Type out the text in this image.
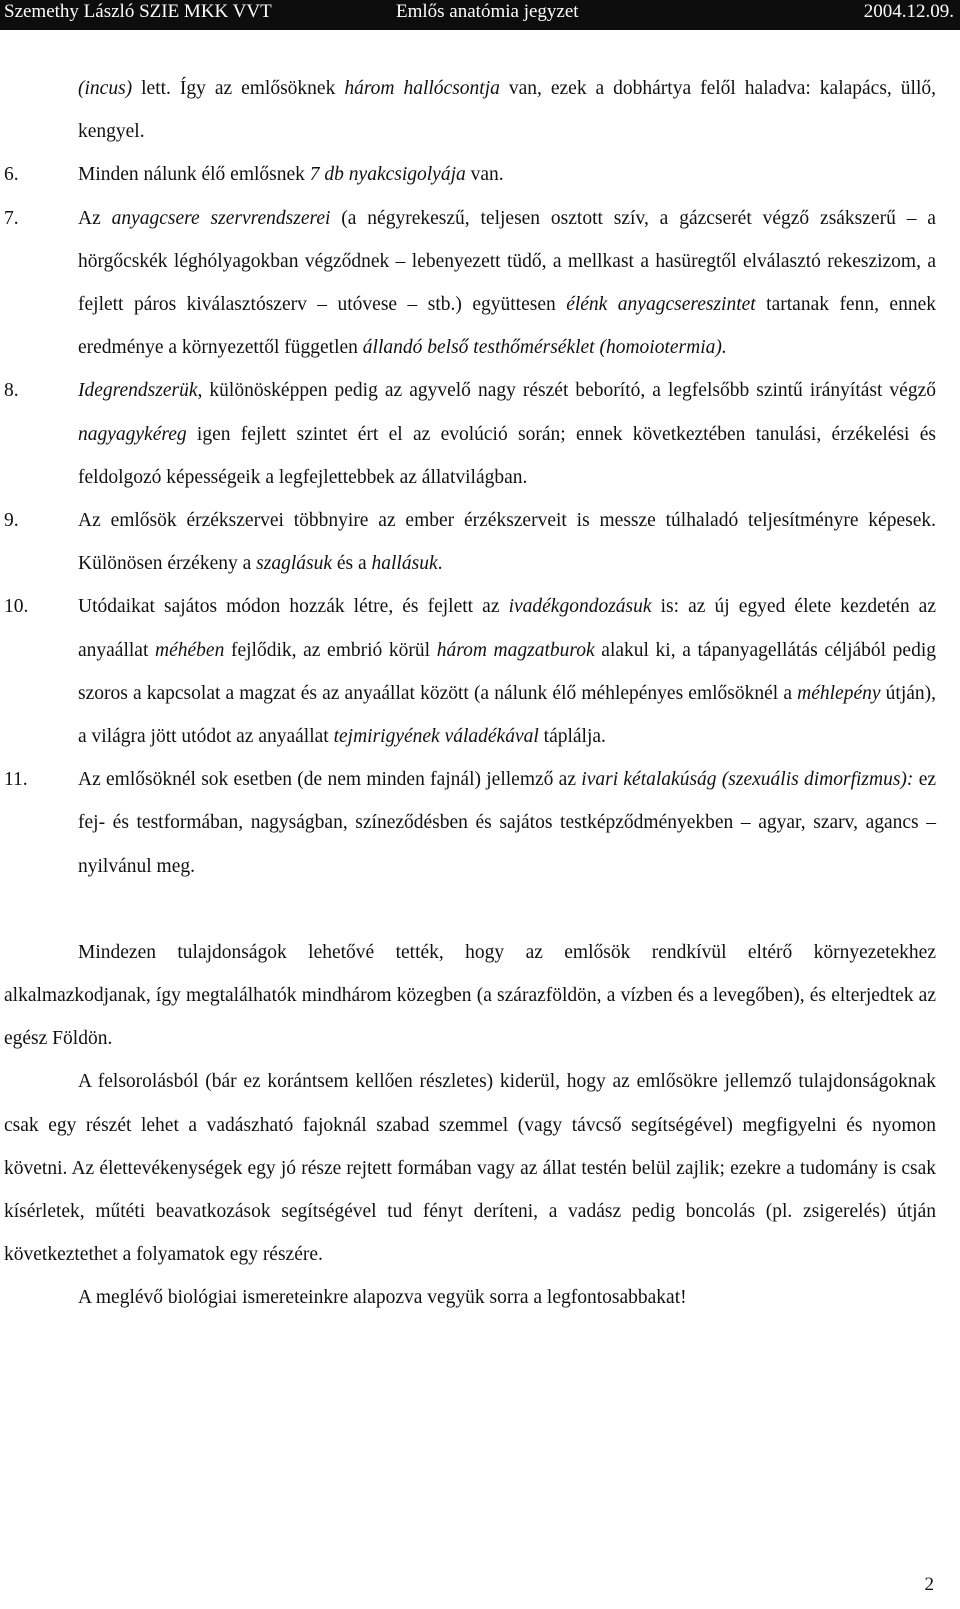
Szemethy László SZIE MKK VVT	Emlős anatómia jegyzet	2004.12.09.
(incus) lett. Így az emlősöknek három hallócsontja van, ezek a dobhártya felől haladva: kalapács, üllő, kengyel.
6.	Minden nálunk élő emlősnek 7 db nyakcsigolyája van.
7.	Az anyagcsere szervrendszerei (a négyrekeszű, teljesen osztott szív, a gázcserét végző zsákszerű – a hörgőcskék léghólyagokban végződnek – lebenyezett tüdő, a mellkast a hasüregtől elválasztó rekeszizom, a fejlett páros kiválasztószerv – utóvese – stb.) együttesen élénk anyagcsereszintet tartanak fenn, ennek eredménye a környezettől független állandó belső testhőmérséklet (homoiotermia).
8.	Idegrendszerük, különösképpen pedig az agyvelő nagy részét beborító, a legfelsőbb szintű irányítást végző nagyagykéreg igen fejlett szintet ért el az evolúció során; ennek következtében tanulási, érzékelési és feldolgozó képességeik a legfejlettebbek az állatvilágban.
9.	Az emlősök érzékszervei többnyire az ember érzékszerveit is messze túlhaladó teljesítményre képesek. Különösen érzékeny a szaglásuk és a hallásuk.
10.	Utódaikat sajátos módon hozzák létre, és fejlett az ivadékgondozásuk is: az új egyed élete kezdetén az anyaállat méhében fejlődik, az embrió körül három magzatburok alakul ki, a tápanyagellátás céljából pedig szoros a kapcsolat a magzat és az anyaállat között (a nálunk élő méhlepényes emlősöknél a méhlepény útján), a világra jött utódot az anyaállat tejmirigyének váladékával táplálja.
11.	Az emlősöknél sok esetben (de nem minden fajnál) jellemző az ivari kétalakúság (szexuális dimorfizmus): ez fej- és testformában, nagyságban, színeződésben és sajátos testképződményekben – agyar, szarv, agancs – nyilvánul meg.
Mindezen tulajdonságok lehetővé tették, hogy az emlősök rendkívül eltérő környezetekhez alkalmazkodjanak, így megtalálhatók mindhárom közegben (a szárazföldön, a vízben és a levegőben), és elterjedtek az egész Földön.
A felsorolásból (bár ez korántsem kellően részletes) kiderül, hogy az emlősökre jellemző tulajdonságoknak csak egy részét lehet a vadászható fajoknál szabad szemmel (vagy távcső segítségével) megfigyelni és nyomon követni. Az élettevékenységek egy jó része rejtett formában vagy az állat testén belül zajlik; ezekre a tudomány is csak kísérletek, műtéti beavatkozások segítségével tud fényt deríteni, a vadász pedig boncolás (pl. zsigerelés) útján következtethet a folyamatok egy részére.
A meglévő biológiai ismereteinkre alapozva vegyük sorra a legfontosabbakat!
2
